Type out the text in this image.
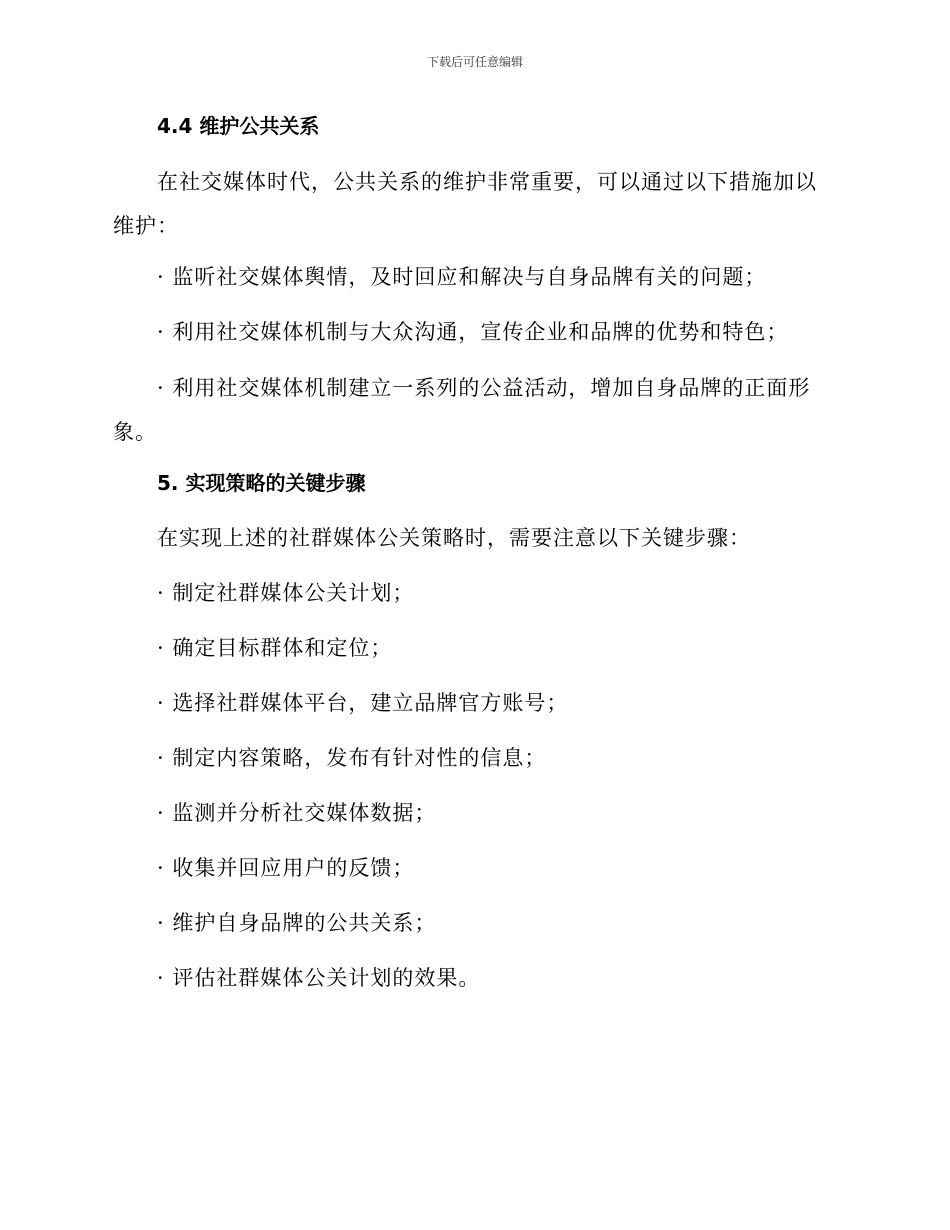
下载后可任意编辑
4.4 维护公共关系

在社交媒体时代，公共关系的维护非常重要，可以通过以下措施加以维护：

· 监听社交媒体舆情，及时回应和解决与自身品牌有关的问题；

· 利用社交媒体机制与大众沟通，宣传企业和品牌的优势和特色；

· 利用社交媒体机制建立一系列的公益活动，增加自身品牌的正面形象。

5. 实现策略的关键步骤

在实现上述的社群媒体公关策略时，需要注意以下关键步骤：

· 制定社群媒体公关计划；

· 确定目标群体和定位；

· 选择社群媒体平台，建立品牌官方账号；

· 制定内容策略，发布有针对性的信息；

· 监测并分析社交媒体数据；

· 收集并回应用户的反馈；

· 维护自身品牌的公共关系；

· 评估社群媒体公关计划的效果。
